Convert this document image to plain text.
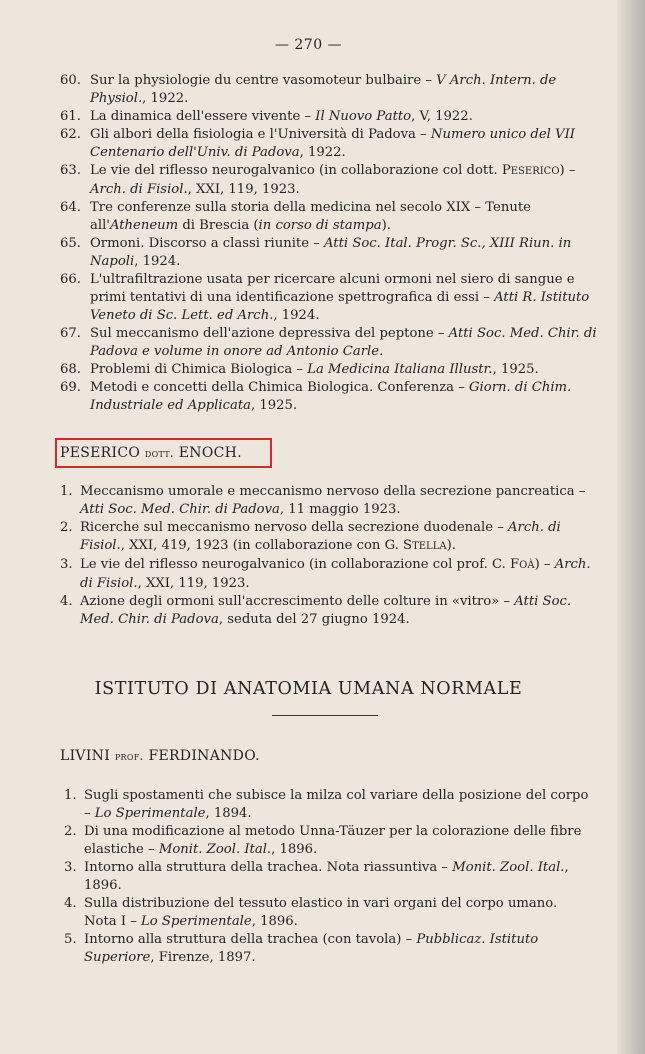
— 270 —
60. Sur la physiologie du centre vasomoteur bulbaire – V Arch. Intern. de Physiol., 1922.
61. La dinamica dell'essere vivente – Il Nuovo Patto, V, 1922.
62. Gli albori della fisiologia e l'Università di Padova – Numero unico del VII Centenario dell'Univ. di Padova, 1922.
63. Le vie del riflesso neurogalvanico (in collaborazione col dott. PESERICO) – Arch. di Fisiol., XXI, 119, 1923.
64. Tre conferenze sulla storia della medicina nel secolo XIX – Tenute all'Atheneum di Brescia (in corso di stampa).
65. Ormoni. Discorso a classi riunite – Atti Soc. Ital. Progr. Sc., XIII Riun. in Napoli, 1924.
66. L'ultrafiltrazione usata per ricercare alcuni ormoni nel siero di sangue e primi tentativi di una identificazione spettrografica di essi – Atti R. Istituto Veneto di Sc. Lett. ed Arch., 1924.
67. Sul meccanismo dell'azione depressiva del peptone – Atti Soc. Med. Chir. di Padova e volume in onore ad Antonio Carle.
68. Problemi di Chimica Biologica – La Medicina Italiana Illustr., 1925.
69. Metodi e concetti della Chimica Biologica. Conferenza – Giorn. di Chim. Industriale ed Applicata, 1925.
PESERICO dott. ENOCH.
1. Meccanismo umorale e meccanismo nervoso della secrezione pancreatica – Atti Soc. Med. Chir. di Padova, 11 maggio 1923.
2. Ricerche sul meccanismo nervoso della secrezione duodenale – Arch. di Fisiol., XXI, 419, 1923 (in collaborazione con G. STELLA).
3. Le vie del riflesso neurogalvanico (in collaborazione col prof. C. FOÀ) – Arch. di Fisiol., XXI, 119, 1923.
4. Azione degli ormoni sull'accrescimento delle colture in «vitro» – Atti Soc. Med. Chir. di Padova, seduta del 27 giugno 1924.
ISTITUTO DI ANATOMIA UMANA NORMALE
LIVINI prof. FERDINANDO.
1. Sugli spostamenti che subisce la milza col variare della posizione del corpo – Lo Sperimentale, 1894.
2. Di una modificazione al metodo Unna-Täuzer per la colorazione delle fibre elastiche – Monit. Zool. Ital., 1896.
3. Intorno alla struttura della trachea. Nota riassuntiva – Monit. Zool. Ital., 1896.
4. Sulla distribuzione del tessuto elastico in vari organi del corpo umano. Nota I – Lo Sperimentale, 1896.
5. Intorno alla struttura della trachea (con tavola) – Pubblicaz. Istituto Superiore, Firenze, 1897.
